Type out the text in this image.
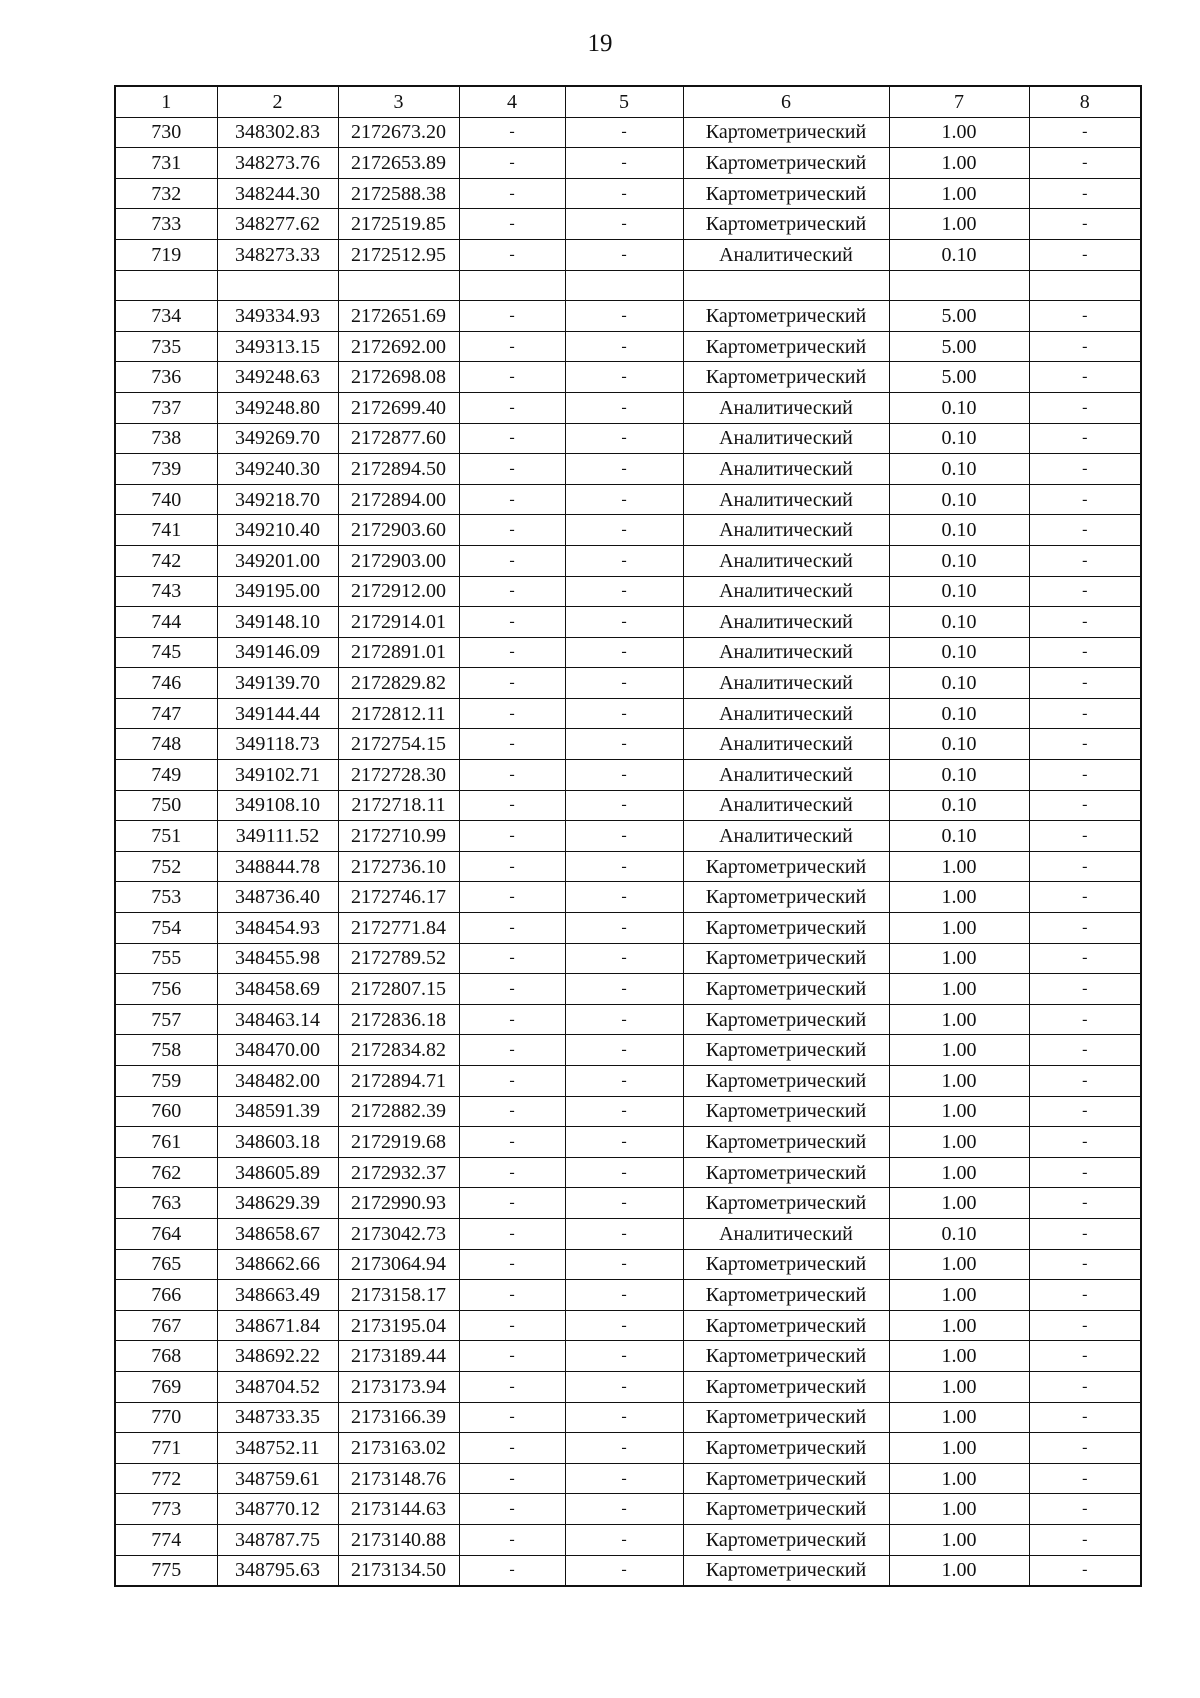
19
1	2	3	4	5	6	7	8
730	348302.83	2172673.20	-	-	Картометрический	1.00	-
731	348273.76	2172653.89	-	-	Картометрический	1.00	-
732	348244.30	2172588.38	-	-	Картометрический	1.00	-
733	348277.62	2172519.85	-	-	Картометрический	1.00	-
719	348273.33	2172512.95	-	-	Аналитический	0.10	-

734	349334.93	2172651.69	-	-	Картометрический	5.00	-
735	349313.15	2172692.00	-	-	Картометрический	5.00	-
736	349248.63	2172698.08	-	-	Картометрический	5.00	-
737	349248.80	2172699.40	-	-	Аналитический	0.10	-
738	349269.70	2172877.60	-	-	Аналитический	0.10	-
739	349240.30	2172894.50	-	-	Аналитический	0.10	-
740	349218.70	2172894.00	-	-	Аналитический	0.10	-
741	349210.40	2172903.60	-	-	Аналитический	0.10	-
742	349201.00	2172903.00	-	-	Аналитический	0.10	-
743	349195.00	2172912.00	-	-	Аналитический	0.10	-
744	349148.10	2172914.01	-	-	Аналитический	0.10	-
745	349146.09	2172891.01	-	-	Аналитический	0.10	-
746	349139.70	2172829.82	-	-	Аналитический	0.10	-
747	349144.44	2172812.11	-	-	Аналитический	0.10	-
748	349118.73	2172754.15	-	-	Аналитический	0.10	-
749	349102.71	2172728.30	-	-	Аналитический	0.10	-
750	349108.10	2172718.11	-	-	Аналитический	0.10	-
751	349111.52	2172710.99	-	-	Аналитический	0.10	-
752	348844.78	2172736.10	-	-	Картометрический	1.00	-
753	348736.40	2172746.17	-	-	Картометрический	1.00	-
754	348454.93	2172771.84	-	-	Картометрический	1.00	-
755	348455.98	2172789.52	-	-	Картометрический	1.00	-
756	348458.69	2172807.15	-	-	Картометрический	1.00	-
757	348463.14	2172836.18	-	-	Картометрический	1.00	-
758	348470.00	2172834.82	-	-	Картометрический	1.00	-
759	348482.00	2172894.71	-	-	Картометрический	1.00	-
760	348591.39	2172882.39	-	-	Картометрический	1.00	-
761	348603.18	2172919.68	-	-	Картометрический	1.00	-
762	348605.89	2172932.37	-	-	Картометрический	1.00	-
763	348629.39	2172990.93	-	-	Картометрический	1.00	-
764	348658.67	2173042.73	-	-	Аналитический	0.10	-
765	348662.66	2173064.94	-	-	Картометрический	1.00	-
766	348663.49	2173158.17	-	-	Картометрический	1.00	-
767	348671.84	2173195.04	-	-	Картометрический	1.00	-
768	348692.22	2173189.44	-	-	Картометрический	1.00	-
769	348704.52	2173173.94	-	-	Картометрический	1.00	-
770	348733.35	2173166.39	-	-	Картометрический	1.00	-
771	348752.11	2173163.02	-	-	Картометрический	1.00	-
772	348759.61	2173148.76	-	-	Картометрический	1.00	-
773	348770.12	2173144.63	-	-	Картометрический	1.00	-
774	348787.75	2173140.88	-	-	Картометрический	1.00	-
775	348795.63	2173134.50	-	-	Картометрический	1.00	-
